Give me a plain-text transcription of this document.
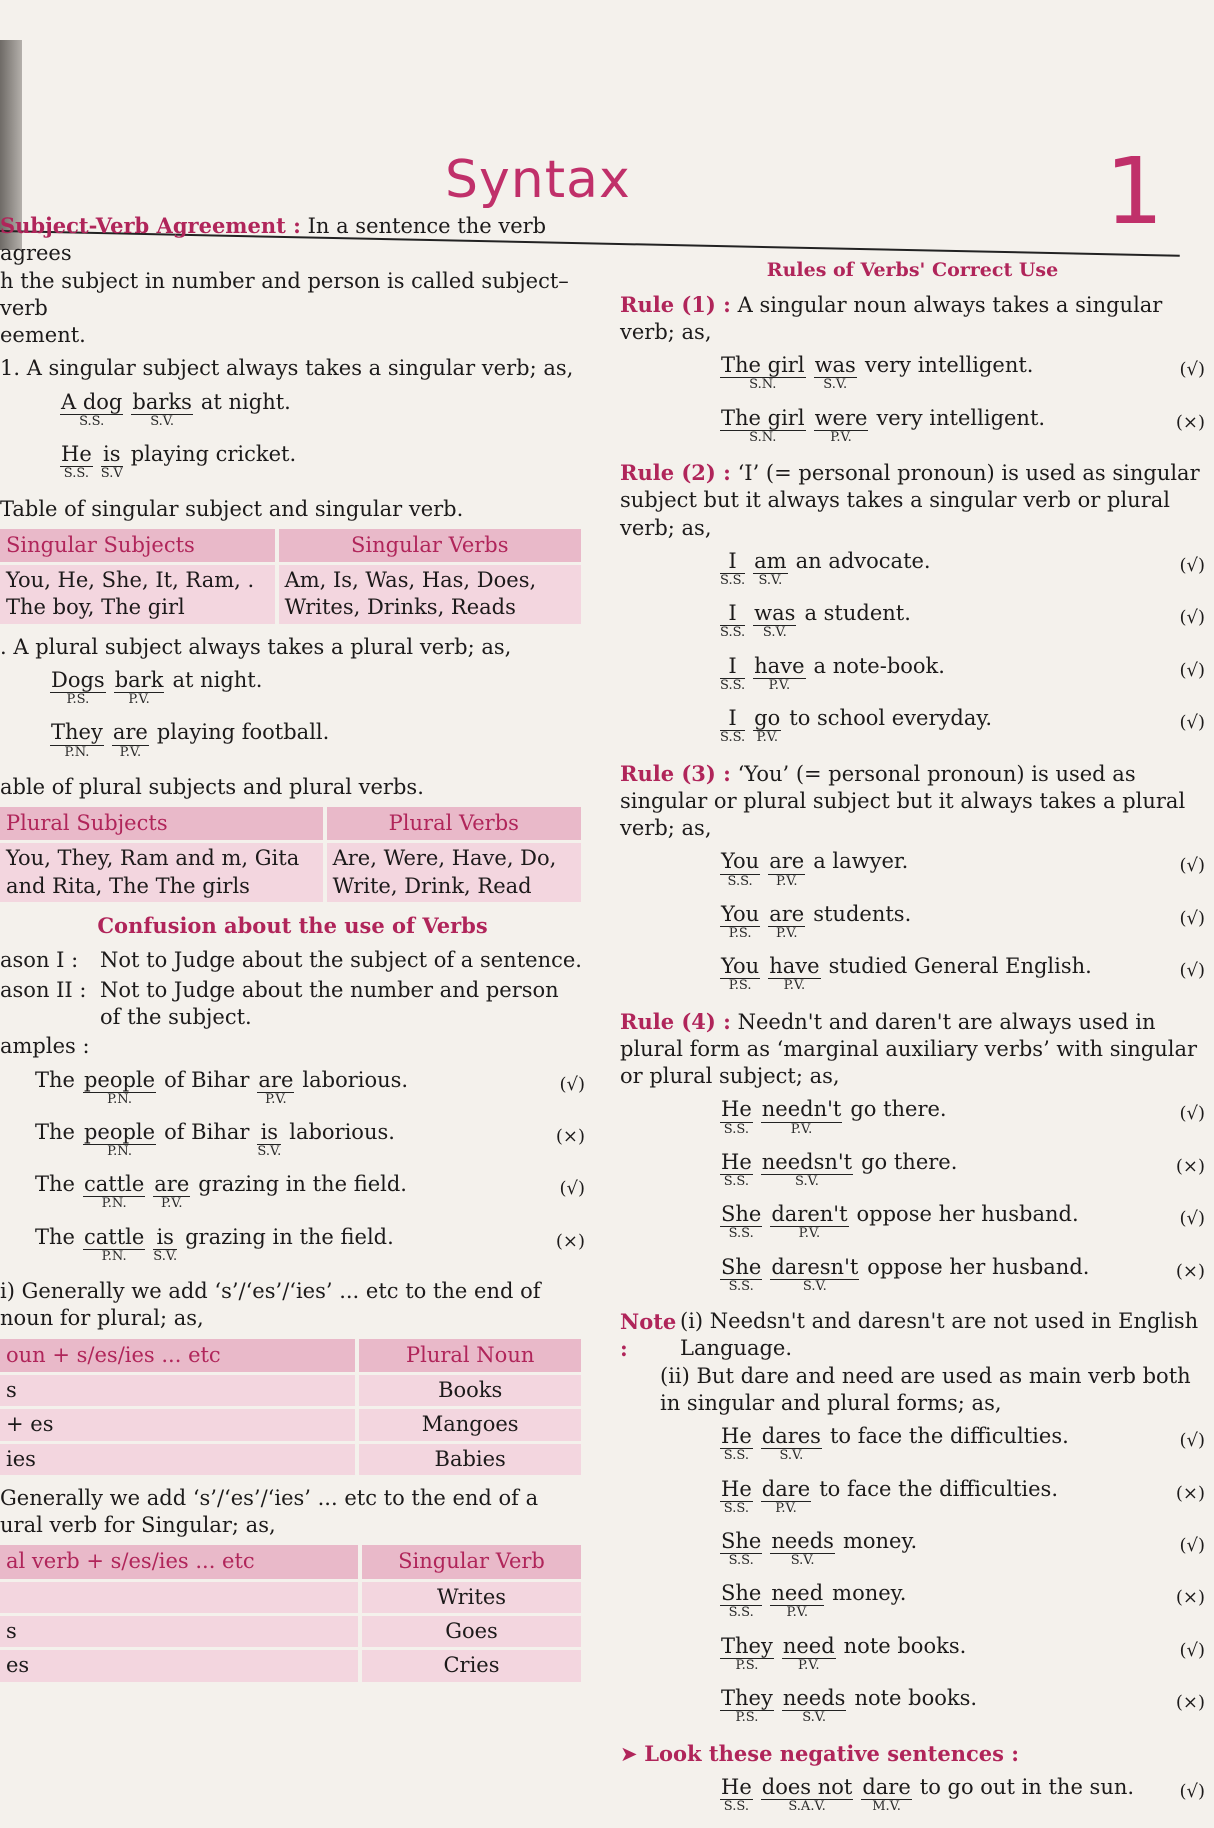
Syntax	1

Subject-Verb Agreement : In a sentence the verb agrees
h the subject in number and person is called subject–verb
eement.

1. A singular subject always takes a singular verb; as,

A dog
S.S.
barks
S.V.
at night.
He
S.S.
is
S.V
playing cricket.

Table of singular subject and singular verb.

Singular Subjects	Singular Verbs
You, He, She, It, Ram, . The boy, The girl	Am, Is, Was, Has, Does, Writes, Drinks, Reads

. A plural subject always takes a plural verb; as,

Dogs
P.S.
bark
P.V.
at night.
They
P.N.
are
P.V.
playing football.

able of plural subjects and plural verbs.

Plural Subjects	Plural Verbs
You, They, Ram and m, Gita and Rita, The The girls	Are, Were, Have, Do, Write, Drink, Read
Confusion about the use of Verbs
ason I :	Not to Judge about the subject of a sentence.
ason II : Not to Judge about the number and person of the subject.

amples :

The people
P.N.
of Bihar are
P.V.
laborious.	(√)
The people
P.N.
of Bihar is
S.V.
laborious.	(×)
The cattle
P.N.
are
P.V.
grazing in the field.	(√)
The cattle
P.N.
is
S.V.
grazing in the field.	(×)

i) Generally we add ‘s’/‘es’/‘ies’ ... etc to the end of noun for plural; as,

oun + s/es/ies ... etc	Plural Noun
s	Books
+ es	Mangoes
ies	Babies

Generally we add ‘s’/‘es’/‘ies’ ... etc to the end of a ural verb for Singular; as,

al verb + s/es/ies ... etc	Singular Verb
	Writes
s	Goes
es	Cries
Rules of Verbs' Correct Use

Rule (1) : A singular noun always takes a singular verb; as,

The girl
S.N.
was
S.V.
very intelligent.	(√)
The girl
S.N.
were
P.V.
very intelligent.	(×)

Rule (2) : ‘I’ (= personal pronoun) is used as singular subject but it always takes a singular verb or plural verb; as,

I
S.S.
am
S.V.
an advocate.	(√)
I
S.S.
was
S.V.
a student.	(√)
I
S.S.
have
P.V.
a note-book.	(√)
I
S.S.
go
P.V.
to school everyday.	(√)

Rule (3) : ‘You’ (= personal pronoun) is used as singular or plural subject but it always takes a plural verb; as,

You
S.S.
are
P.V.
a lawyer.	(√)
You
P.S.
are
P.V.
students.	(√)
You
P.S.
have
P.V.
studied General English.	(√)

Rule (4) : Needn't and daren't are always used in plural form as ‘marginal auxiliary verbs’ with singular or plural subject; as,

He
S.S.
needn't
P.V.
go there.	(√)
He
S.S.
needsn't
S.V.
go there.	(×)
She
S.S.
daren't
P.V.
oppose her husband.	(√)
She
S.S.
daresn't
S.V.
oppose her husband.	(×)
Note :
(i) Needsn't and daresn't are not used in English Language.

(ii) But dare and need are used as main verb both in singular and plural forms; as,

He
S.S.
dares
S.V.
to face the difficulties.	(√)
He
S.S.
dare
P.V.
to face the difficulties.	(×)
She
S.S.
needs
S.V.
money.	(√)
She
S.S.
need
P.V.
money.	(×)
They
P.S.
need
P.V.
note books.	(√)
They
P.S.
needs
S.V.
note books.	(×)

➤ Look these negative sentences :

He
S.S.
does not
S.A.V.
dare
M.V.
to go out in the sun.	(√)
